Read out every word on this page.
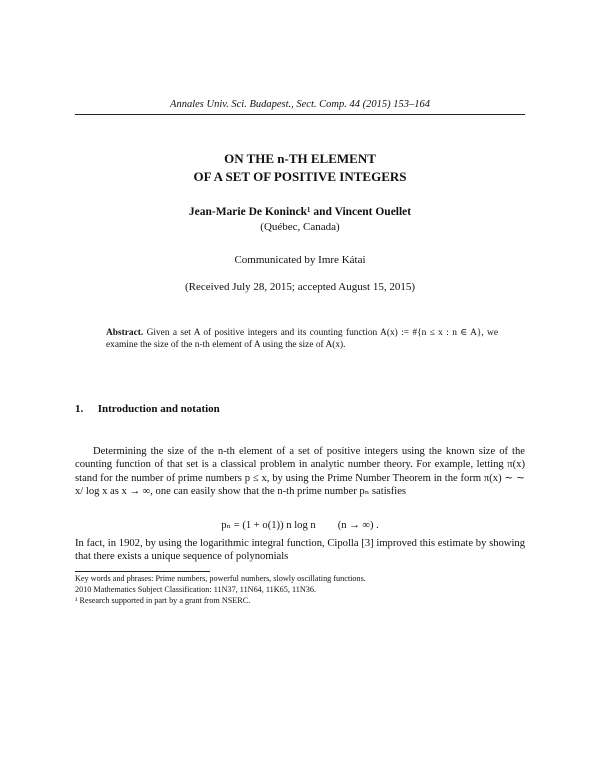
Annales Univ. Sci. Budapest., Sect. Comp. 44 (2015) 153–164
ON THE n-TH ELEMENT
OF A SET OF POSITIVE INTEGERS
Jean-Marie De Koninck¹ and Vincent Ouellet
(Québec, Canada)
Communicated by Imre Kátai
(Received July 28, 2015; accepted August 15, 2015)
Abstract. Given a set A of positive integers and its counting function A(x) := #{n ≤ x : n ∈ A}, we examine the size of the n-th element of A using the size of A(x).
1. Introduction and notation
Determining the size of the n-th element of a set of positive integers using the known size of the counting function of that set is a classical problem in analytic number theory. For example, letting π(x) stand for the number of prime numbers p ≤ x, by using the Prime Number Theorem in the form π(x) ∼ ∼ x/ log x as x → ∞, one can easily show that the n-th prime number pₙ satisfies
pₙ = (1 + o(1)) n log n (n → ∞) .
In fact, in 1902, by using the logarithmic integral function, Cipolla [3] improved this estimate by showing that there exists a unique sequence of polynomials
Key words and phrases: Prime numbers, powerful numbers, slowly oscillating functions.
2010 Mathematics Subject Classification: 11N37, 11N64, 11K65, 11N36.
¹ Research supported in part by a grant from NSERC.
